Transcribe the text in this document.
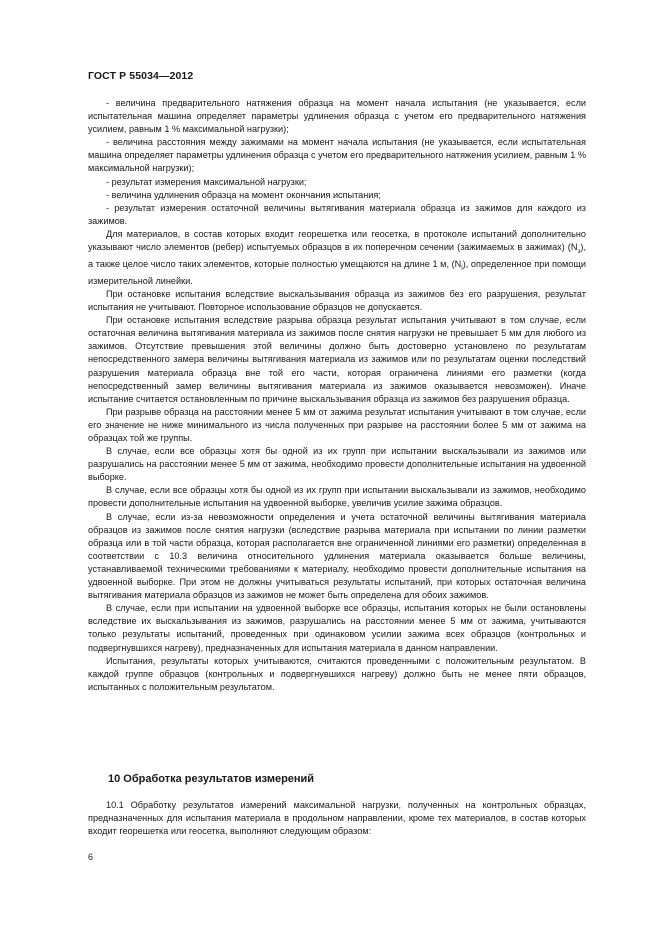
ГОСТ Р 55034—2012

- величина предварительного натяжения образца на момент начала испытания (не указывается, если испытательная машина определяет параметры удлинения образца с учетом его предварительного натяжения усилием, равным 1 % максимальной нагрузки);

- величина расстояния между зажимами на момент начала испытания (не указывается, если испытательная машина определяет параметры удлинения образца с учетом его предварительного натяжения усилием, равным 1 % максимальной нагрузки);

- результат измерения максимальной нагрузки;

- величина удлинения образца на момент окончания испытания;

- результат измерения остаточной величины вытягивания материала образца из зажимов для каждого из зажимов.

Для материалов, в состав которых входит георешетка или геосетка, в протоколе испытаний дополнительно указывают число элементов (ребер) испытуемых образцов в их поперечном сечении (зажимаемых в зажимах) $(N_з)$, а также целое число таких элементов, которые полностью умещаются на длине 1 м, $(N_l)$, определенное при помощи измерительной линейки.

При остановке испытания вследствие выскальзывания образца из зажимов без его разрушения, результат испытания не учитывают. Повторное использование образцов не допускается.

При остановке испытания вследствие разрыва образца результат испытания учитывают в том случае, если остаточная величина вытягивания материала из зажимов после снятия нагрузки не превышает 5 мм для любого из зажимов. Отсутствие превышения этой величины должно быть достоверно установлено по результатам непосредственного замера величины вытягивания материала из зажимов или по результатам оценки последствий разрушения материала образца вне той его части, которая ограничена линиями его разметки (когда непосредственный замер величины вытягивания материала из зажимов оказывается невозможен). Иначе испытание считается остановленным по причине выскальзывания образца из зажимов без разрушения образца.

При разрыве образца на расстоянии менее 5 мм от зажима результат испытания учитывают в том случае, если его значение не ниже минимального из числа полученных при разрыве на расстоянии более 5 мм от зажима на образцах той же группы.

В случае, если все образцы хотя бы одной из их групп при испытании выскальзывали из зажимов или разрушались на расстоянии менее 5 мм от зажима, необходимо провести дополнительные испытания на удвоенной выборке.

В случае, если все образцы хотя бы одной из их групп при испытании выскальзывали из зажимов, необходимо провести дополнительные испытания на удвоенной выборке, увеличив усилие зажима образцов.

В случае, если из-за невозможности определения и учета остаточной величины вытягивания материала образцов из зажимов после снятия нагрузки (вследствие разрыва материала при испытании по линии разметки образца или в той части образца, которая располагается вне ограниченной линиями его разметки) определенная в соответствии с 10.3 величина относительного удлинения материала оказывается больше величины, устанавливаемой техническими требованиями к материалу, необходимо провести дополнительные испытания на удвоенной выборке. При этом не должны учитываться результаты испытаний, при которых остаточная величина вытягивания материала образцов из зажимов не может быть определена для обоих зажимов.

В случае, если при испытании на удвоенной выборке все образцы, испытания которых не были остановлены вследствие их выскальзывания из зажимов, разрушались на расстоянии менее 5 мм от зажима, учитываются только результаты испытаний, проведенных при одинаковом усилии зажима всех образцов (контрольных и подвергнувшихся нагреву), предназначенных для испытания материала в данном направлении.

Испытания, результаты которых учитываются, считаются проведенными с положительным результатом. В каждой группе образцов (контрольных и подвергнувшихся нагреву) должно быть не менее пяти образцов, испытанных с положительным результатом.

10 Обработка результатов измерений

10.1 Обработку результатов измерений максимальной нагрузки, полученных на контрольных образцах, предназначенных для испытания материала в продольном направлении, кроме тех материалов, в состав которых входит георешетка или геосетка, выполняют следующим образом:

6
